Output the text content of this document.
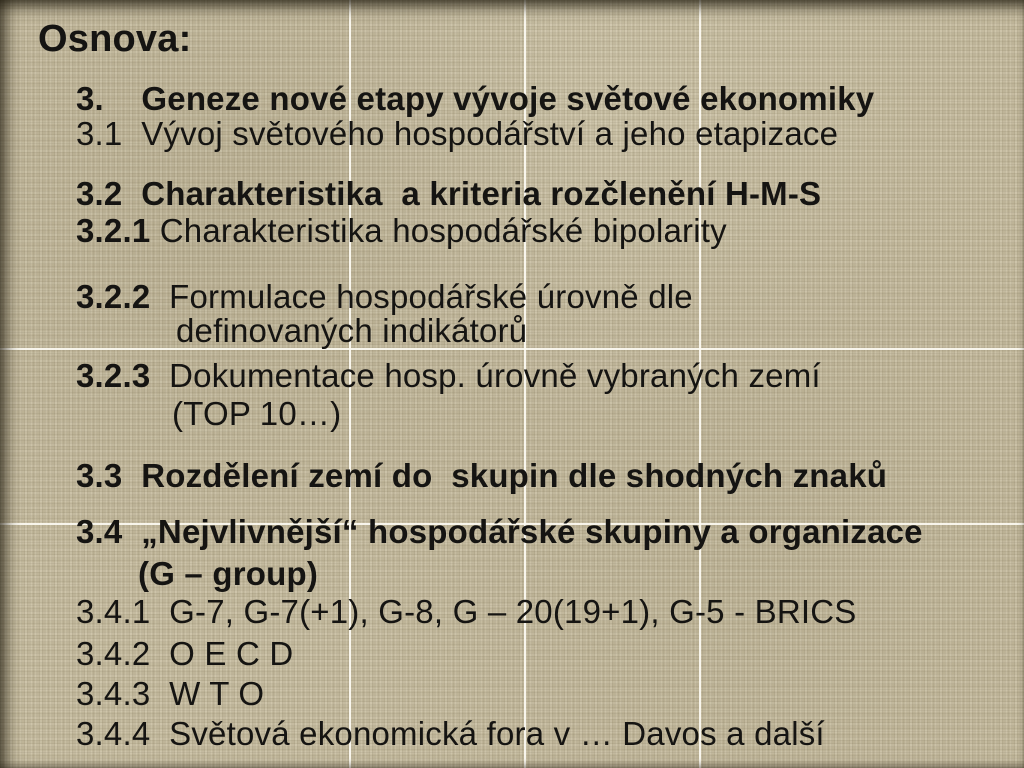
Osnova:
3.    Geneze nové etapy vývoje světové ekonomiky
3.1  Vývoj světového hospodářství a jeho etapizace
3.2  Charakteristika  a kriteria rozčlenění H-M-S
3.2.1 Charakteristika hospodářské bipolarity
3.2.2  Formulace hospodářské úrovně dle
definovaných indikátorů
3.2.3  Dokumentace hosp. úrovně vybraných zemí
(TOP 10…)
3.3  Rozdělení zemí do  skupin dle shodných znaků
3.4  „Nejvlivnější“ hospodářské skupiny a organizace
(G – group)
3.4.1  G-7, G-7(+1), G-8, G – 20(19+1), G-5 - BRICS
3.4.2  O E C D
3.4.3  W T O
3.4.4  Světová ekonomická fora v … Davos a další
